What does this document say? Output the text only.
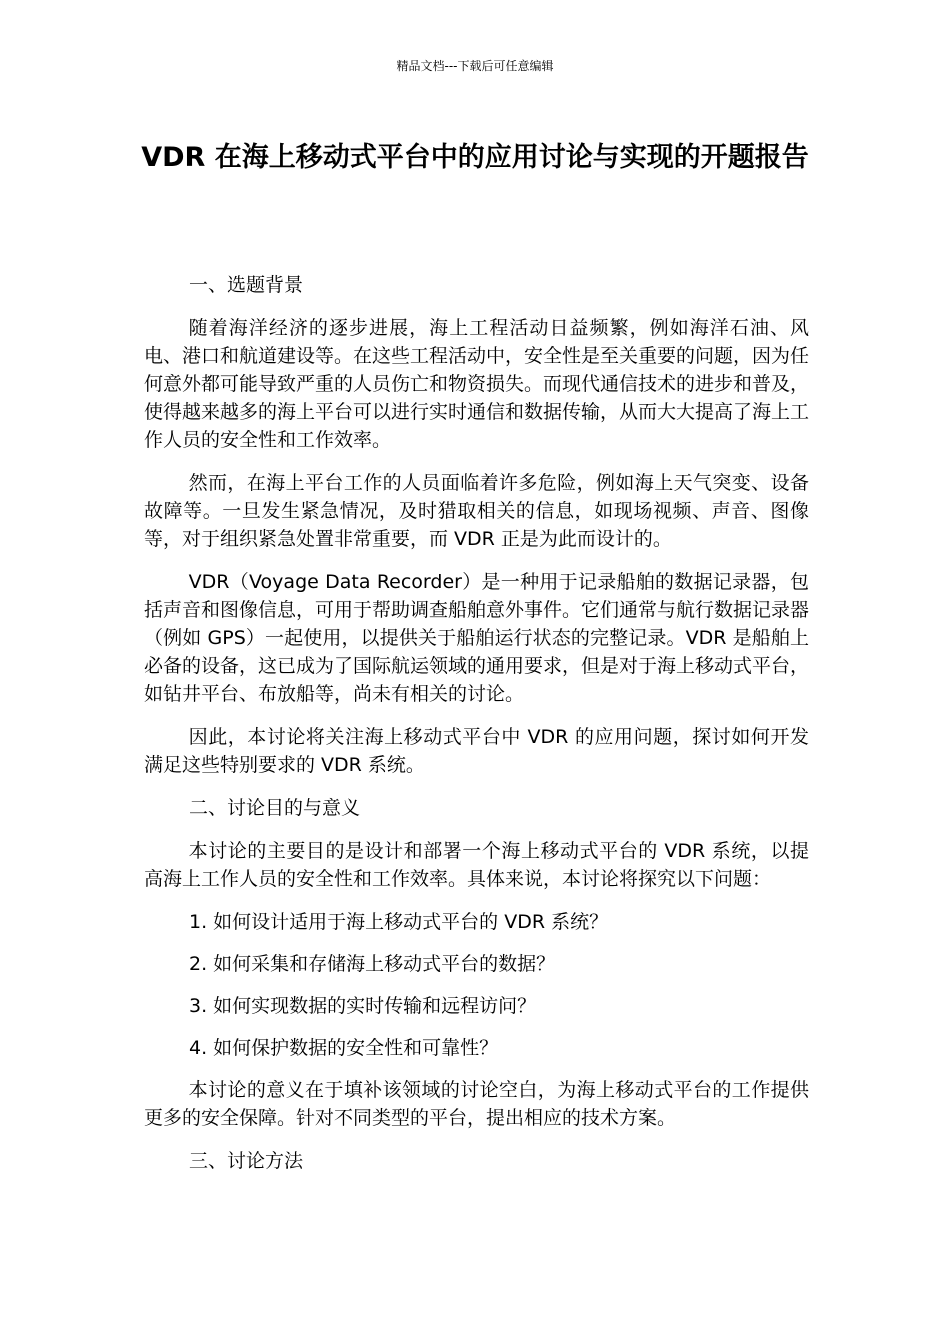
精品文档---下载后可任意编辑
VDR 在海上移动式平台中的应用讨论与实现的开题报告

一、选题背景

随着海洋经济的逐步进展，海上工程活动日益频繁，例如海洋石油、风电、港口和航道建设等。在这些工程活动中，安全性是至关重要的问题，因为任何意外都可能导致严重的人员伤亡和物资损失。而现代通信技术的进步和普及，使得越来越多的海上平台可以进行实时通信和数据传输，从而大大提高了海上工作人员的安全性和工作效率。

然而，在海上平台工作的人员面临着许多危险，例如海上天气突变、设备故障等。一旦发生紧急情况，及时猎取相关的信息，如现场视频、声音、图像等，对于组织紧急处置非常重要，而 VDR 正是为此而设计的。

VDR（Voyage Data Recorder）是一种用于记录船舶的数据记录器，包括声音和图像信息，可用于帮助调查船舶意外事件。它们通常与航行数据记录器（例如 GPS）一起使用，以提供关于船舶运行状态的完整记录。VDR 是船舶上必备的设备，这已成为了国际航运领域的通用要求，但是对于海上移动式平台，如钻井平台、布放船等，尚未有相关的讨论。

因此，本讨论将关注海上移动式平台中 VDR 的应用问题，探讨如何开发满足这些特别要求的 VDR 系统。

二、讨论目的与意义

本讨论的主要目的是设计和部署一个海上移动式平台的 VDR 系统，以提高海上工作人员的安全性和工作效率。具体来说，本讨论将探究以下问题：

1. 如何设计适用于海上移动式平台的 VDR 系统？

2. 如何采集和存储海上移动式平台的数据？

3. 如何实现数据的实时传输和远程访问？

4. 如何保护数据的安全性和可靠性？

本讨论的意义在于填补该领域的讨论空白，为海上移动式平台的工作提供更多的安全保障。针对不同类型的平台，提出相应的技术方案。

三、讨论方法
